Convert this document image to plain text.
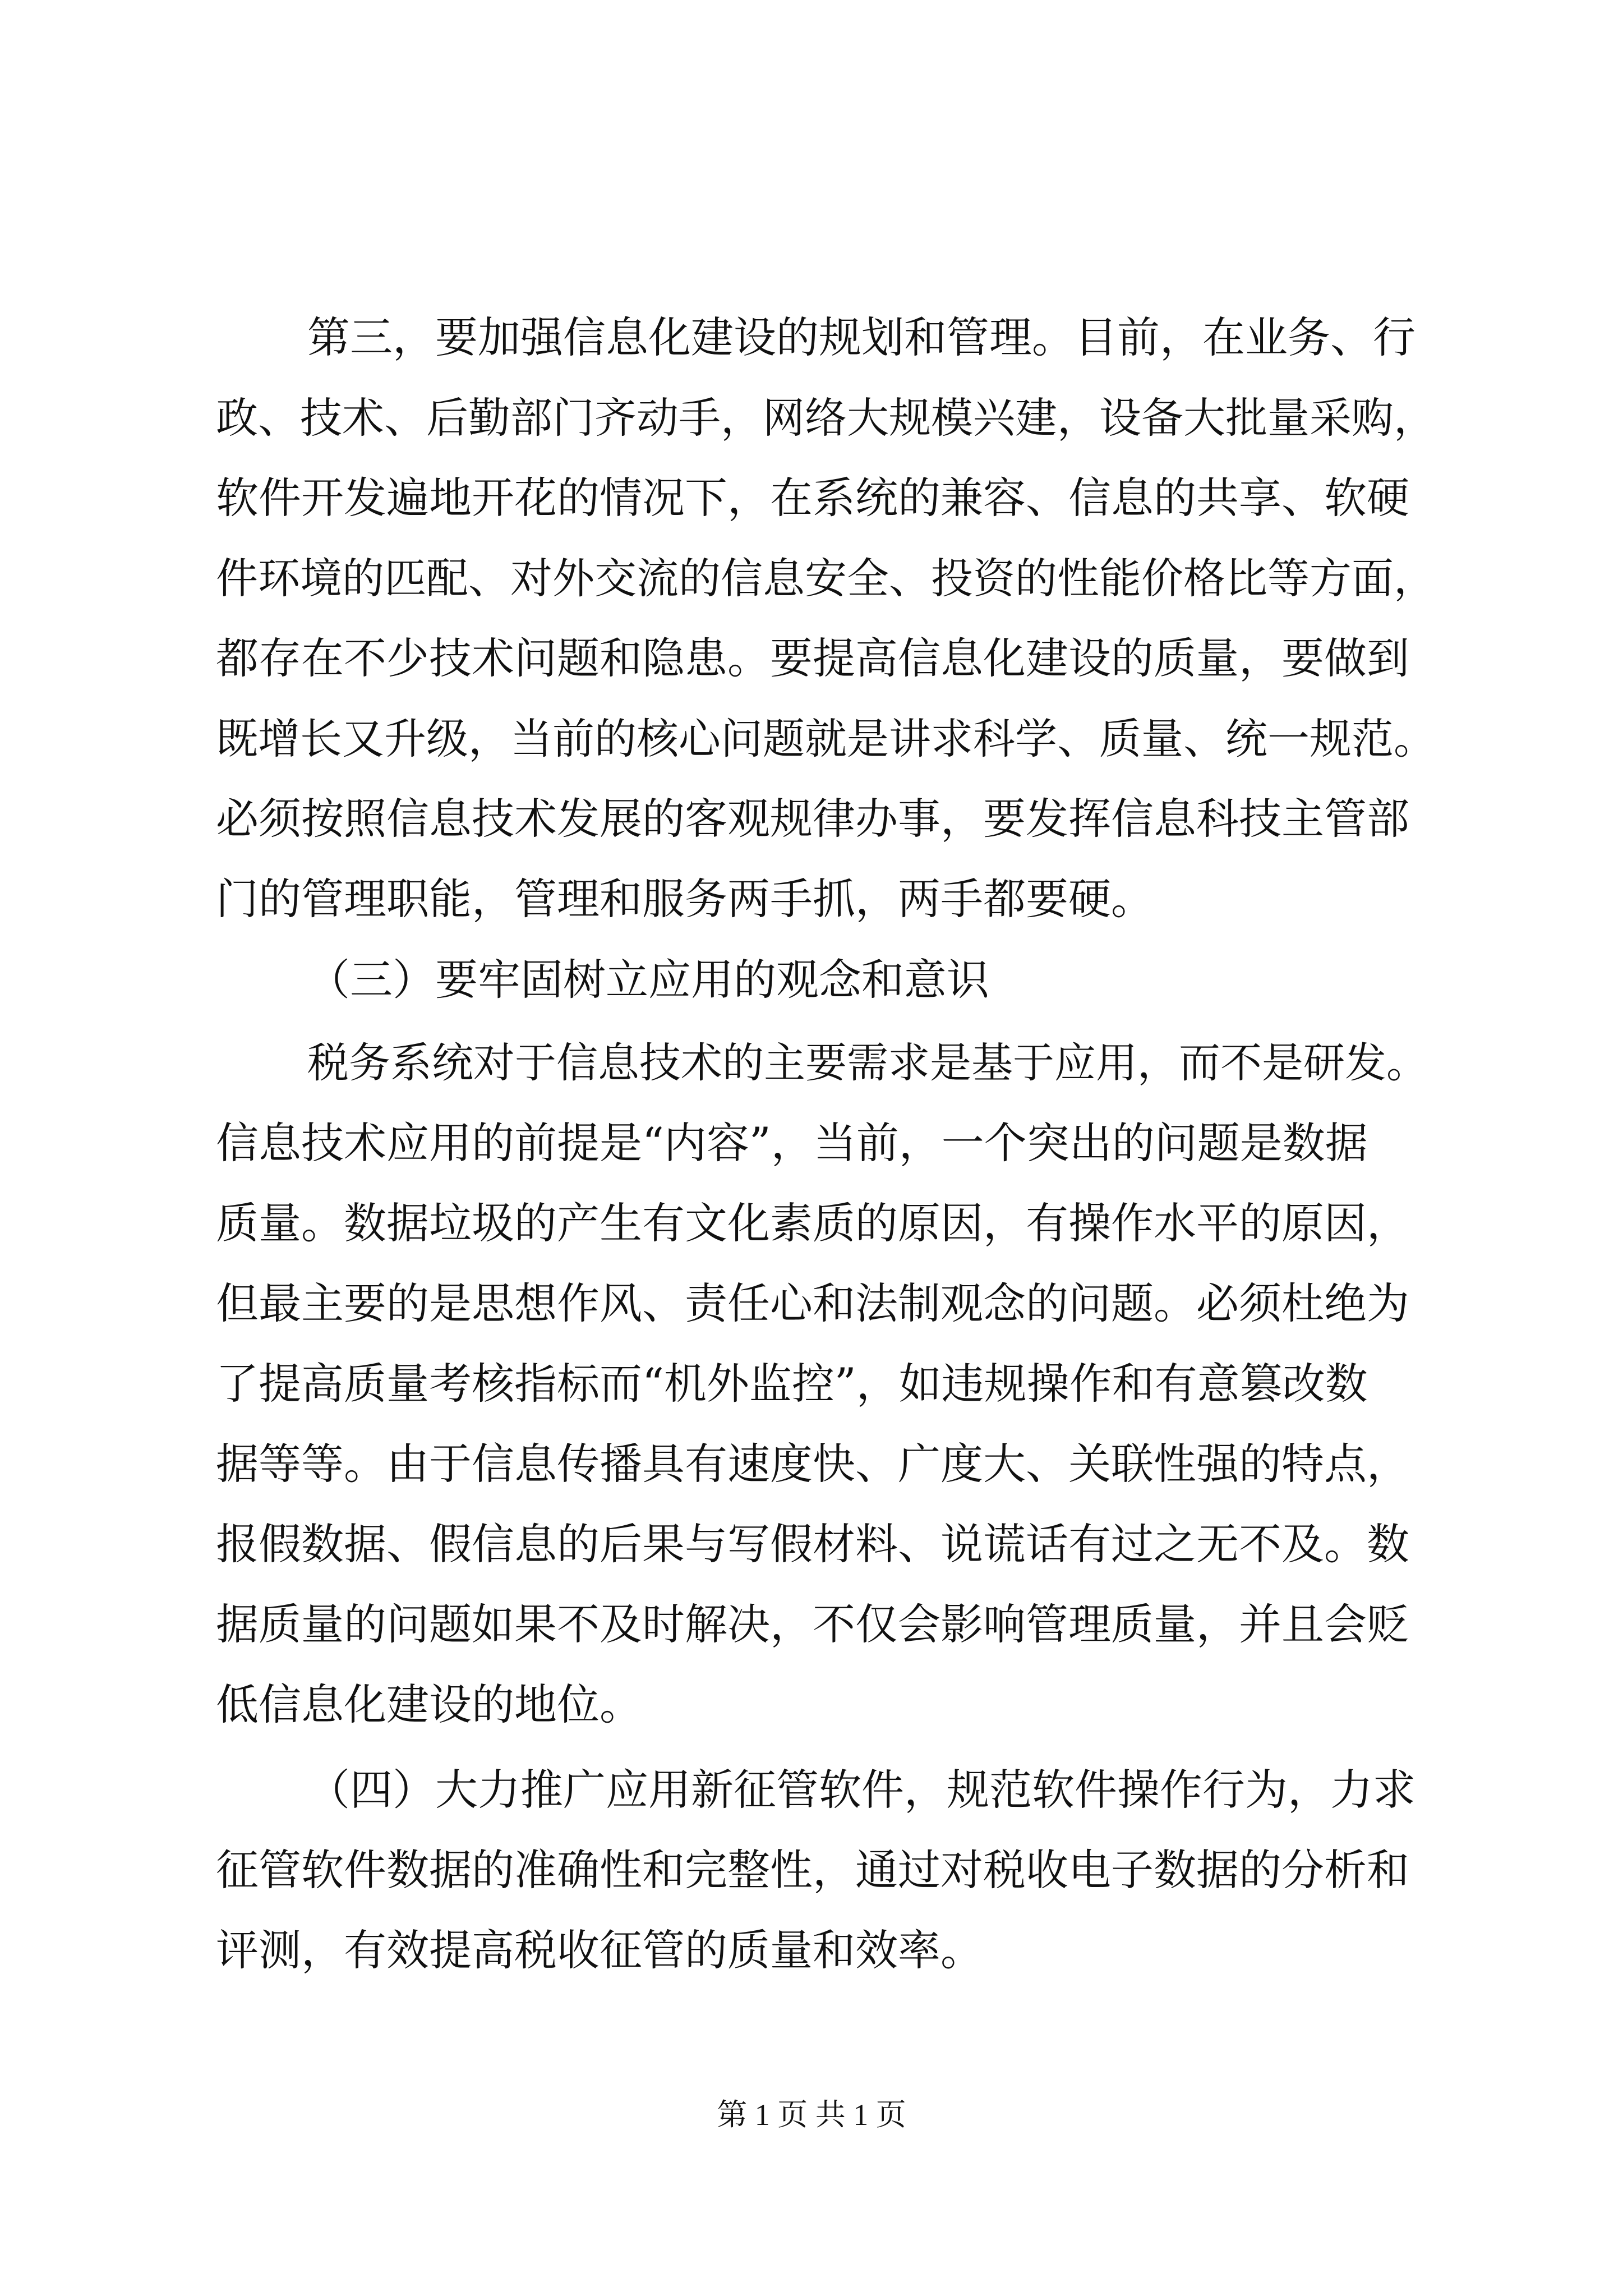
第三，要加强信息化建设的规划和管理。目前，在业务、行
政、技术、后勤部门齐动手，网络大规模兴建，设备大批量采购，
软件开发遍地开花的情况下，在系统的兼容、信息的共享、软硬
件环境的匹配、对外交流的信息安全、投资的性能价格比等方面，
都存在不少技术问题和隐患。要提高信息化建设的质量，要做到
既增长又升级，当前的核心问题就是讲求科学、质量、统一规范。
必须按照信息技术发展的客观规律办事，要发挥信息科技主管部
门的管理职能，管理和服务两手抓，两手都要硬。
（三）要牢固树立应用的观念和意识
税务系统对于信息技术的主要需求是基于应用，而不是研发。
信息技术应用的前提是“内容”，当前，一个突出的问题是数据
质量。数据垃圾的产生有文化素质的原因，有操作水平的原因，
但最主要的是思想作风、责任心和法制观念的问题。必须杜绝为
了提高质量考核指标而“机外监控”，如违规操作和有意篡改数
据等等。由于信息传播具有速度快、广度大、关联性强的特点，
报假数据、假信息的后果与写假材料、说谎话有过之无不及。数
据质量的问题如果不及时解决，不仅会影响管理质量，并且会贬
低信息化建设的地位。
（四）大力推广应用新征管软件，规范软件操作行为，力求
征管软件数据的准确性和完整性，通过对税收电子数据的分析和
评测，有效提高税收征管的质量和效率。
第 1 页 共 1 页
